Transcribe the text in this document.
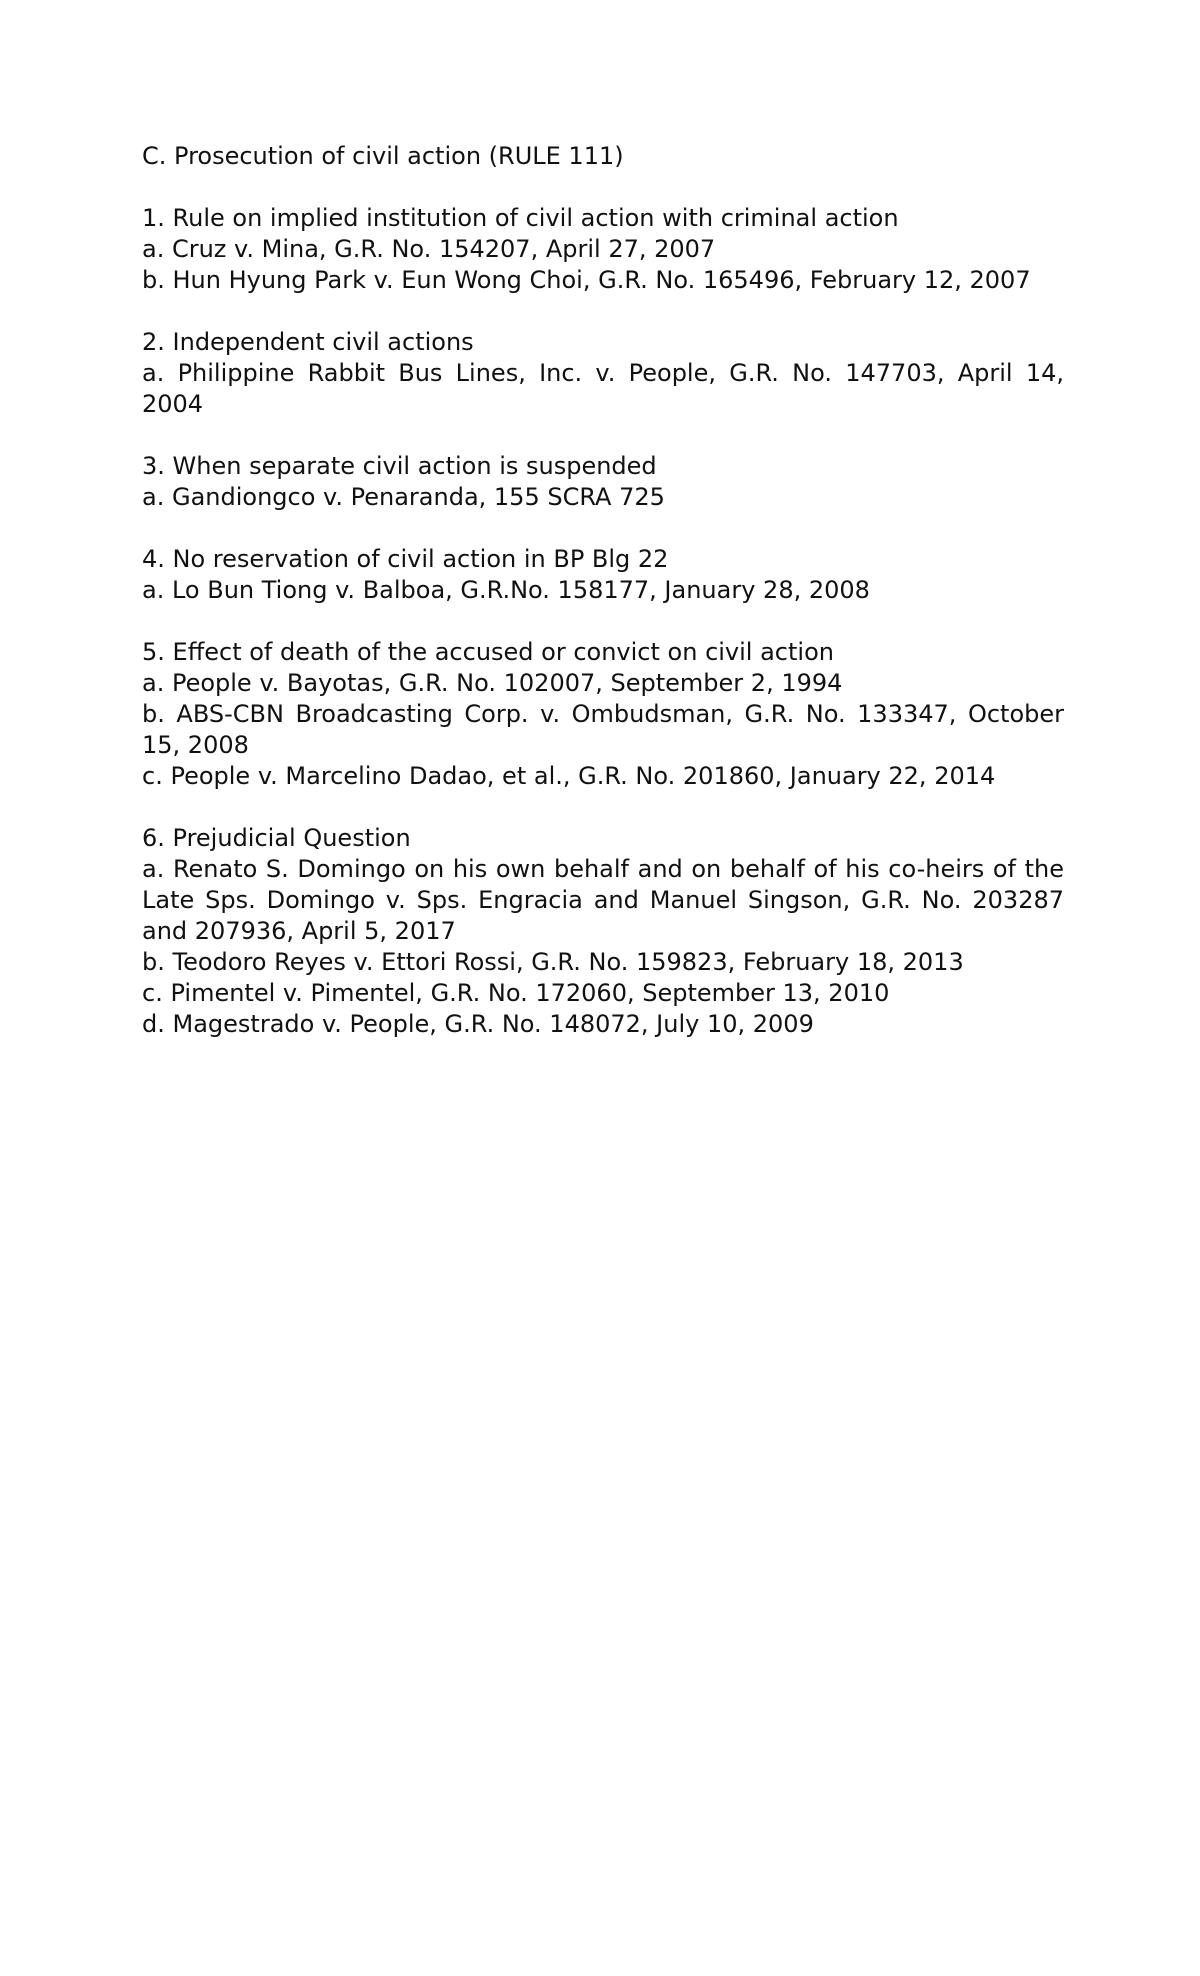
C. Prosecution of civil action (RULE 111)

1. Rule on implied institution of civil action with criminal action

a. Cruz v. Mina, G.R. No. 154207, April 27, 2007

b. Hun Hyung Park v. Eun Wong Choi, G.R. No. 165496, February 12, 2007

2. Independent civil actions

a. Philippine Rabbit Bus Lines, Inc. v. People, G.R. No. 147703, April 14, 2004

3. When separate civil action is suspended

a. Gandiongco v. Penaranda, 155 SCRA 725

4. No reservation of civil action in BP Blg 22

a. Lo Bun Tiong v. Balboa, G.R.No. 158177, January 28, 2008

5. Effect of death of the accused or convict on civil action

a. People v. Bayotas, G.R. No. 102007, September 2, 1994

b. ABS-CBN Broadcasting Corp. v. Ombudsman, G.R. No. 133347, October 15, 2008

c. People v. Marcelino Dadao, et al., G.R. No. 201860, January 22, 2014

6. Prejudicial Question

a. Renato S. Domingo on his own behalf and on behalf of his co-heirs of the Late Sps. Domingo v. Sps. Engracia and Manuel Singson, G.R. No. 203287 and 207936, April 5, 2017

b. Teodoro Reyes v. Ettori Rossi, G.R. No. 159823, February 18, 2013

c. Pimentel v. Pimentel, G.R. No. 172060, September 13, 2010

d. Magestrado v. People, G.R. No. 148072, July 10, 2009
